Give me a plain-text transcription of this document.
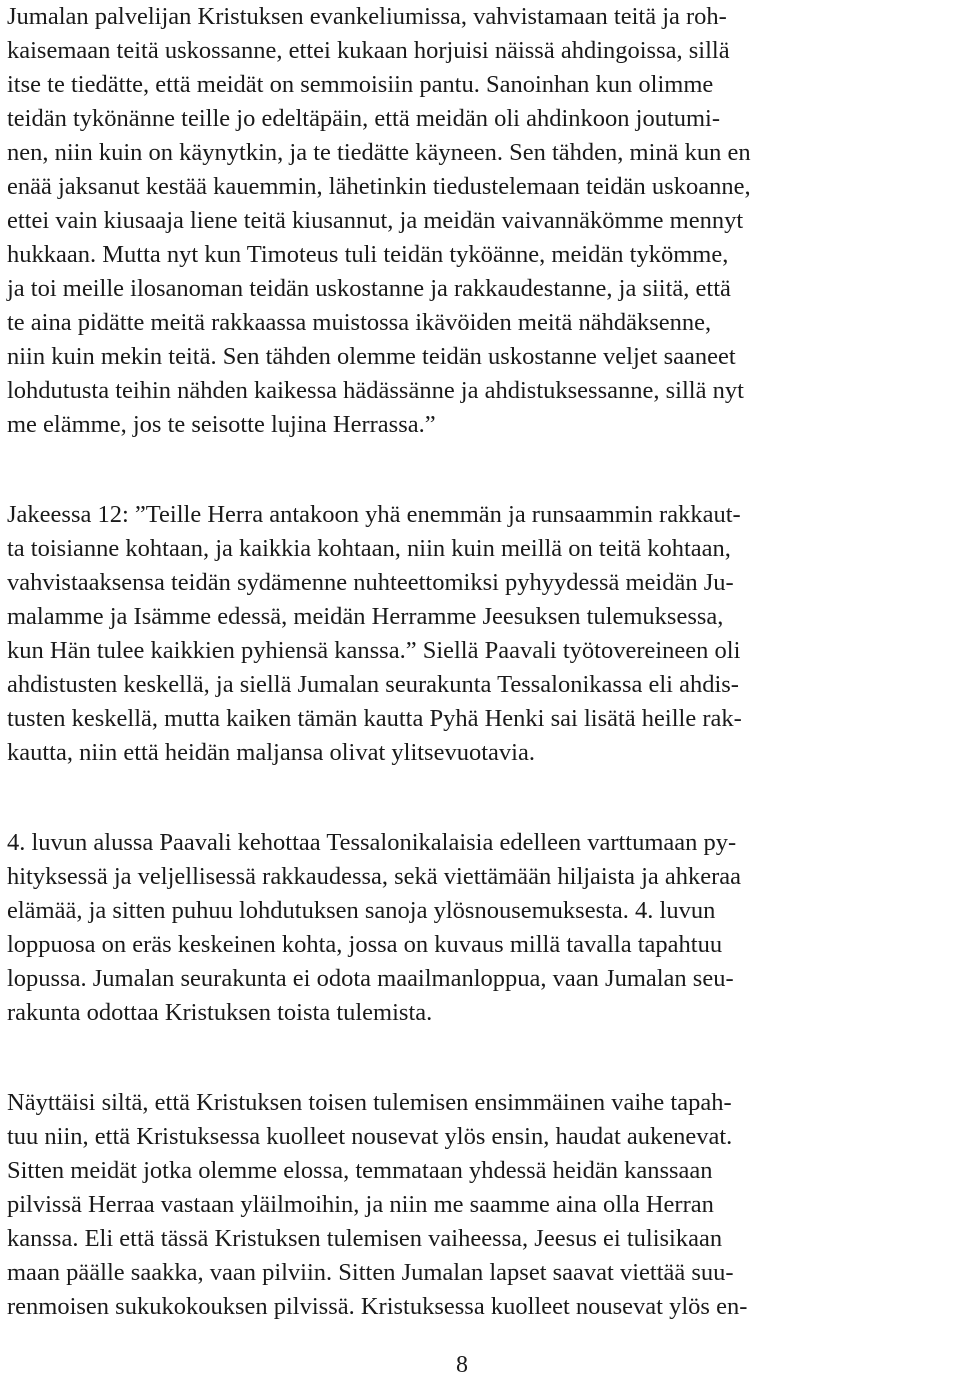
Jumalan palvelijan Kristuksen evankeliumissa, vahvistamaan teitä ja roh-
kaisemaan teitä uskossanne, ettei kukaan horjuisi näissä ahdingoissa, sillä
itse te tiedätte, että meidät on semmoisiin pantu. Sanoinhan kun olimme
teidän tykönänne teille jo edeltäpäin, että meidän oli ahdinkoon joutumi-
nen, niin kuin on käynytkin, ja te tiedätte käyneen. Sen tähden, minä kun en
enää jaksanut kestää kauemmin, lähetinkin tiedustelemaan teidän uskoanne,
ettei vain kiusaaja liene teitä kiusannut, ja meidän vaivannäkömme mennyt
hukkaan. Mutta nyt kun Timoteus tuli teidän tyköänne, meidän tykömme,
ja toi meille ilosanoman teidän uskostanne ja rakkaudestanne, ja siitä, että
te aina pidätte meitä rakkaassa muistossa ikävöiden meitä nähdäksenne,
niin kuin mekin teitä. Sen tähden olemme teidän uskostanne veljet saaneet
lohdutusta teihin nähden kaikessa hädässänne ja ahdistuksessanne, sillä nyt
me elämme, jos te seisotte lujina Herrassa.”
Jakeessa 12: ”Teille Herra antakoon yhä enemmän ja runsaammin rakkaut-
ta toisianne kohtaan, ja kaikkia kohtaan, niin kuin meillä on teitä kohtaan,
vahvistaaksensa teidän sydämenne nuhteettomiksi pyhyydessä meidän Ju-
malamme ja Isämme edessä, meidän Herramme Jeesuksen tulemuksessa,
kun Hän tulee kaikkien pyhiensä kanssa.” Siellä Paavali työtovereineen oli
ahdistusten keskellä, ja siellä Jumalan seurakunta Tessalonikassa eli ahdis-
tusten keskellä, mutta kaiken tämän kautta Pyhä Henki sai lisätä heille rak-
kautta, niin että heidän maljansa olivat ylitsevuotavia.
4. luvun alussa Paavali kehottaa Tessalonikalaisia edelleen varttumaan py-
hityksessä ja veljellisessä rakkaudessa, sekä viettämään hiljaista ja ahkeraa
elämää, ja sitten puhuu lohdutuksen sanoja ylösnousemuksesta. 4. luvun
loppuosa on eräs keskeinen kohta, jossa on kuvaus millä tavalla tapahtuu
lopussa. Jumalan seurakunta ei odota maailmanloppua, vaan Jumalan seu-
rakunta odottaa Kristuksen toista tulemista.
Näyttäisi siltä, että Kristuksen toisen tulemisen ensimmäinen vaihe tapah-
tuu niin, että Kristuksessa kuolleet nousevat ylös ensin, haudat aukenevat.
Sitten meidät jotka olemme elossa, temmataan yhdessä heidän kanssaan
pilvissä Herraa vastaan yläilmoihin, ja niin me saamme aina olla Herran
kanssa. Eli että tässä Kristuksen tulemisen vaiheessa, Jeesus ei tulisikaan
maan päälle saakka, vaan pilviin. Sitten Jumalan lapset saavat viettää suu-
renmoisen sukukokouksen pilvissä. Kristuksessa kuolleet nousevat ylös en-
8
